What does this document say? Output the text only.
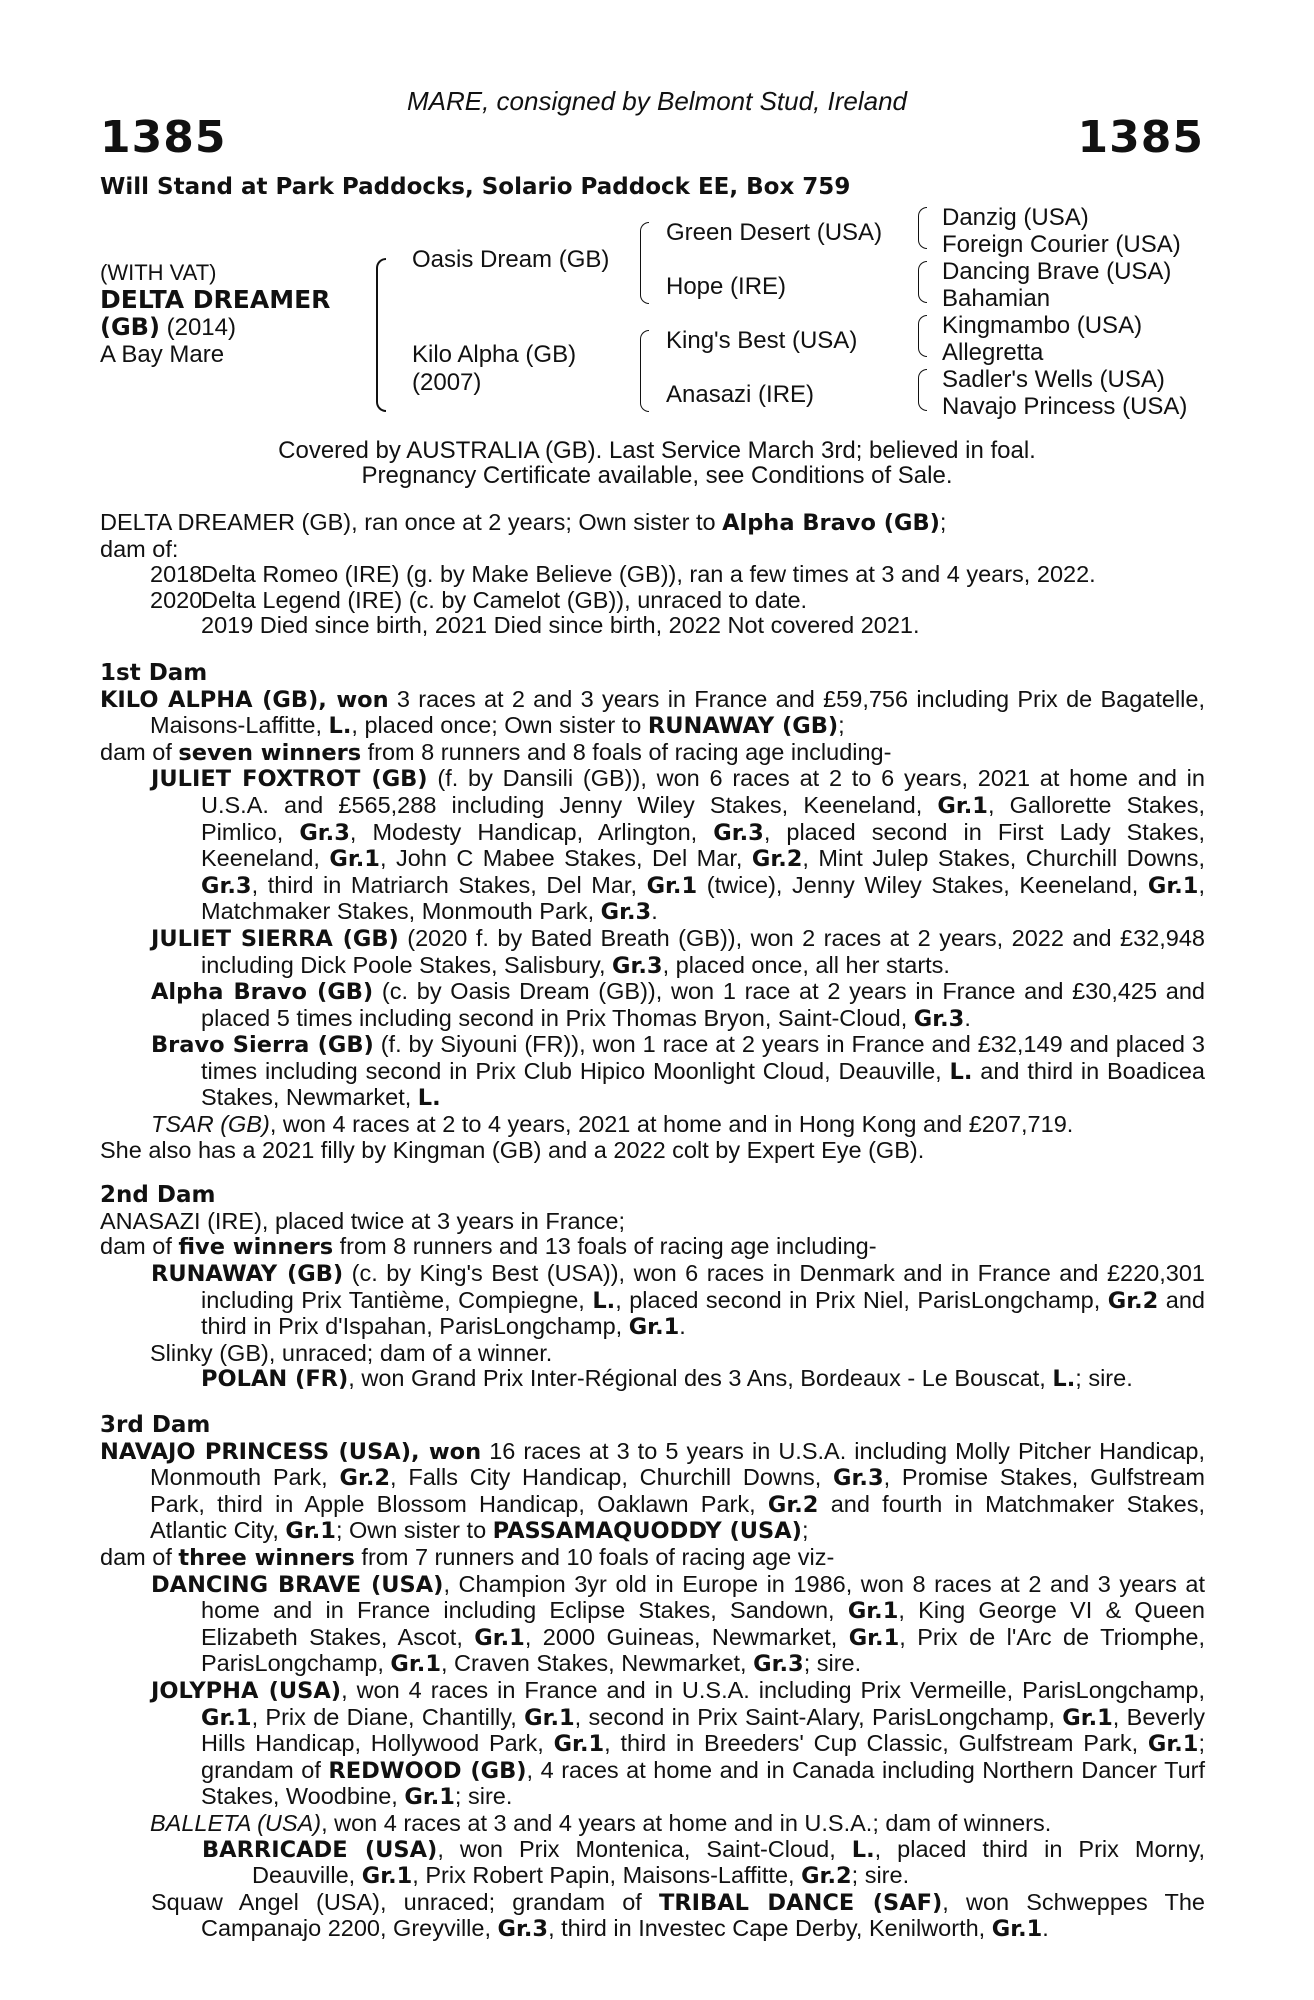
MARE, consigned by Belmont Stud, Ireland
1385	1385
Will Stand at Park Paddocks, Solario Paddock EE, Box 759
(WITH VAT)
DELTA DREAMER
(GB) (2014)
A Bay Mare
Oasis Dream (GB)
Kilo Alpha (GB)
(2007)
Green Desert (USA)
Hope (IRE)
King's Best (USA)
Anasazi (IRE)
Danzig (USA)
Foreign Courier (USA)
Dancing Brave (USA)
Bahamian
Kingmambo (USA)
Allegretta
Sadler's Wells (USA)
Navajo Princess (USA)
Covered by AUSTRALIA (GB). Last Service March 3rd; believed in foal.
Pregnancy Certificate available, see Conditions of Sale.

DELTA DREAMER (GB), ran once at 2 years; Own sister to Alpha Bravo (GB);

dam of:

2018
Delta Romeo (IRE) (g. by Make Believe (GB)), ran a few times at 3 and 4 years, 2022.
2020
Delta Legend (IRE) (c. by Camelot (GB)), unraced to date.
2019 Died since birth, 2021 Died since birth, 2022 Not covered 2021.

1st Dam

KILO ALPHA (GB), won 3 races at 2 and 3 years in France and £59,756 including Prix de Bagatelle, Maisons-Laffitte, L., placed once; Own sister to RUNAWAY (GB);

dam of seven winners from 8 runners and 8 foals of racing age including-

JULIET FOXTROT (GB) (f. by Dansili (GB)), won 6 races at 2 to 6 years, 2021 at home and in U.S.A. and £565,288 including Jenny Wiley Stakes, Keeneland, Gr.1, Gallorette Stakes, Pimlico, Gr.3, Modesty Handicap, Arlington, Gr.3, placed second in First Lady Stakes, Keeneland, Gr.1, John C Mabee Stakes, Del Mar, Gr.2, Mint Julep Stakes, Churchill Downs, Gr.3, third in Matriarch Stakes, Del Mar, Gr.1 (twice), Jenny Wiley Stakes, Keeneland, Gr.1, Matchmaker Stakes, Monmouth Park, Gr.3.

JULIET SIERRA (GB) (2020 f. by Bated Breath (GB)), won 2 races at 2 years, 2022 and £32,948 including Dick Poole Stakes, Salisbury, Gr.3, placed once, all her starts.

Alpha Bravo (GB) (c. by Oasis Dream (GB)), won 1 race at 2 years in France and £30,425 and placed 5 times including second in Prix Thomas Bryon, Saint-Cloud, Gr.3.

Bravo Sierra (GB) (f. by Siyouni (FR)), won 1 race at 2 years in France and £32,149 and placed 3 times including second in Prix Club Hipico Moonlight Cloud, Deauville, L. and third in Boadicea Stakes, Newmarket, L.

TSAR (GB), won 4 races at 2 to 4 years, 2021 at home and in Hong Kong and £207,719.

She also has a 2021 filly by Kingman (GB) and a 2022 colt by Expert Eye (GB).

2nd Dam

ANASAZI (IRE), placed twice at 3 years in France;

dam of five winners from 8 runners and 13 foals of racing age including-

RUNAWAY (GB) (c. by King's Best (USA)), won 6 races in Denmark and in France and £220,301 including Prix Tantième, Compiegne, L., placed second in Prix Niel, ParisLongchamp, Gr.2 and third in Prix d'Ispahan, ParisLongchamp, Gr.1.

Slinky (GB), unraced; dam of a winner.

POLAN (FR), won Grand Prix Inter-Régional des 3 Ans, Bordeaux - Le Bouscat, L.; sire.

3rd Dam

NAVAJO PRINCESS (USA), won 16 races at 3 to 5 years in U.S.A. including Molly Pitcher Handicap, Monmouth Park, Gr.2, Falls City Handicap, Churchill Downs, Gr.3, Promise Stakes, Gulfstream Park, third in Apple Blossom Handicap, Oaklawn Park, Gr.2 and fourth in Matchmaker Stakes, Atlantic City, Gr.1; Own sister to PASSAMAQUODDY (USA);

dam of three winners from 7 runners and 10 foals of racing age viz-

DANCING BRAVE (USA), Champion 3yr old in Europe in 1986, won 8 races at 2 and 3 years at home and in France including Eclipse Stakes, Sandown, Gr.1, King George VI & Queen Elizabeth Stakes, Ascot, Gr.1, 2000 Guineas, Newmarket, Gr.1, Prix de l'Arc de Triomphe, ParisLongchamp, Gr.1, Craven Stakes, Newmarket, Gr.3; sire.

JOLYPHA (USA), won 4 races in France and in U.S.A. including Prix Vermeille, ParisLongchamp, Gr.1, Prix de Diane, Chantilly, Gr.1, second in Prix Saint-Alary, ParisLongchamp, Gr.1, Beverly Hills Handicap, Hollywood Park, Gr.1, third in Breeders' Cup Classic, Gulfstream Park, Gr.1; grandam of REDWOOD (GB), 4 races at home and in Canada including Northern Dancer Turf Stakes, Woodbine, Gr.1; sire.

BALLETA (USA), won 4 races at 3 and 4 years at home and in U.S.A.; dam of winners.

BARRICADE (USA), won Prix Montenica, Saint-Cloud, L., placed third in Prix Morny, Deauville, Gr.1, Prix Robert Papin, Maisons-Laffitte, Gr.2; sire.

Squaw Angel (USA), unraced; grandam of TRIBAL DANCE (SAF), won Schweppes The Campanajo 2200, Greyville, Gr.3, third in Investec Cape Derby, Kenilworth, Gr.1.
